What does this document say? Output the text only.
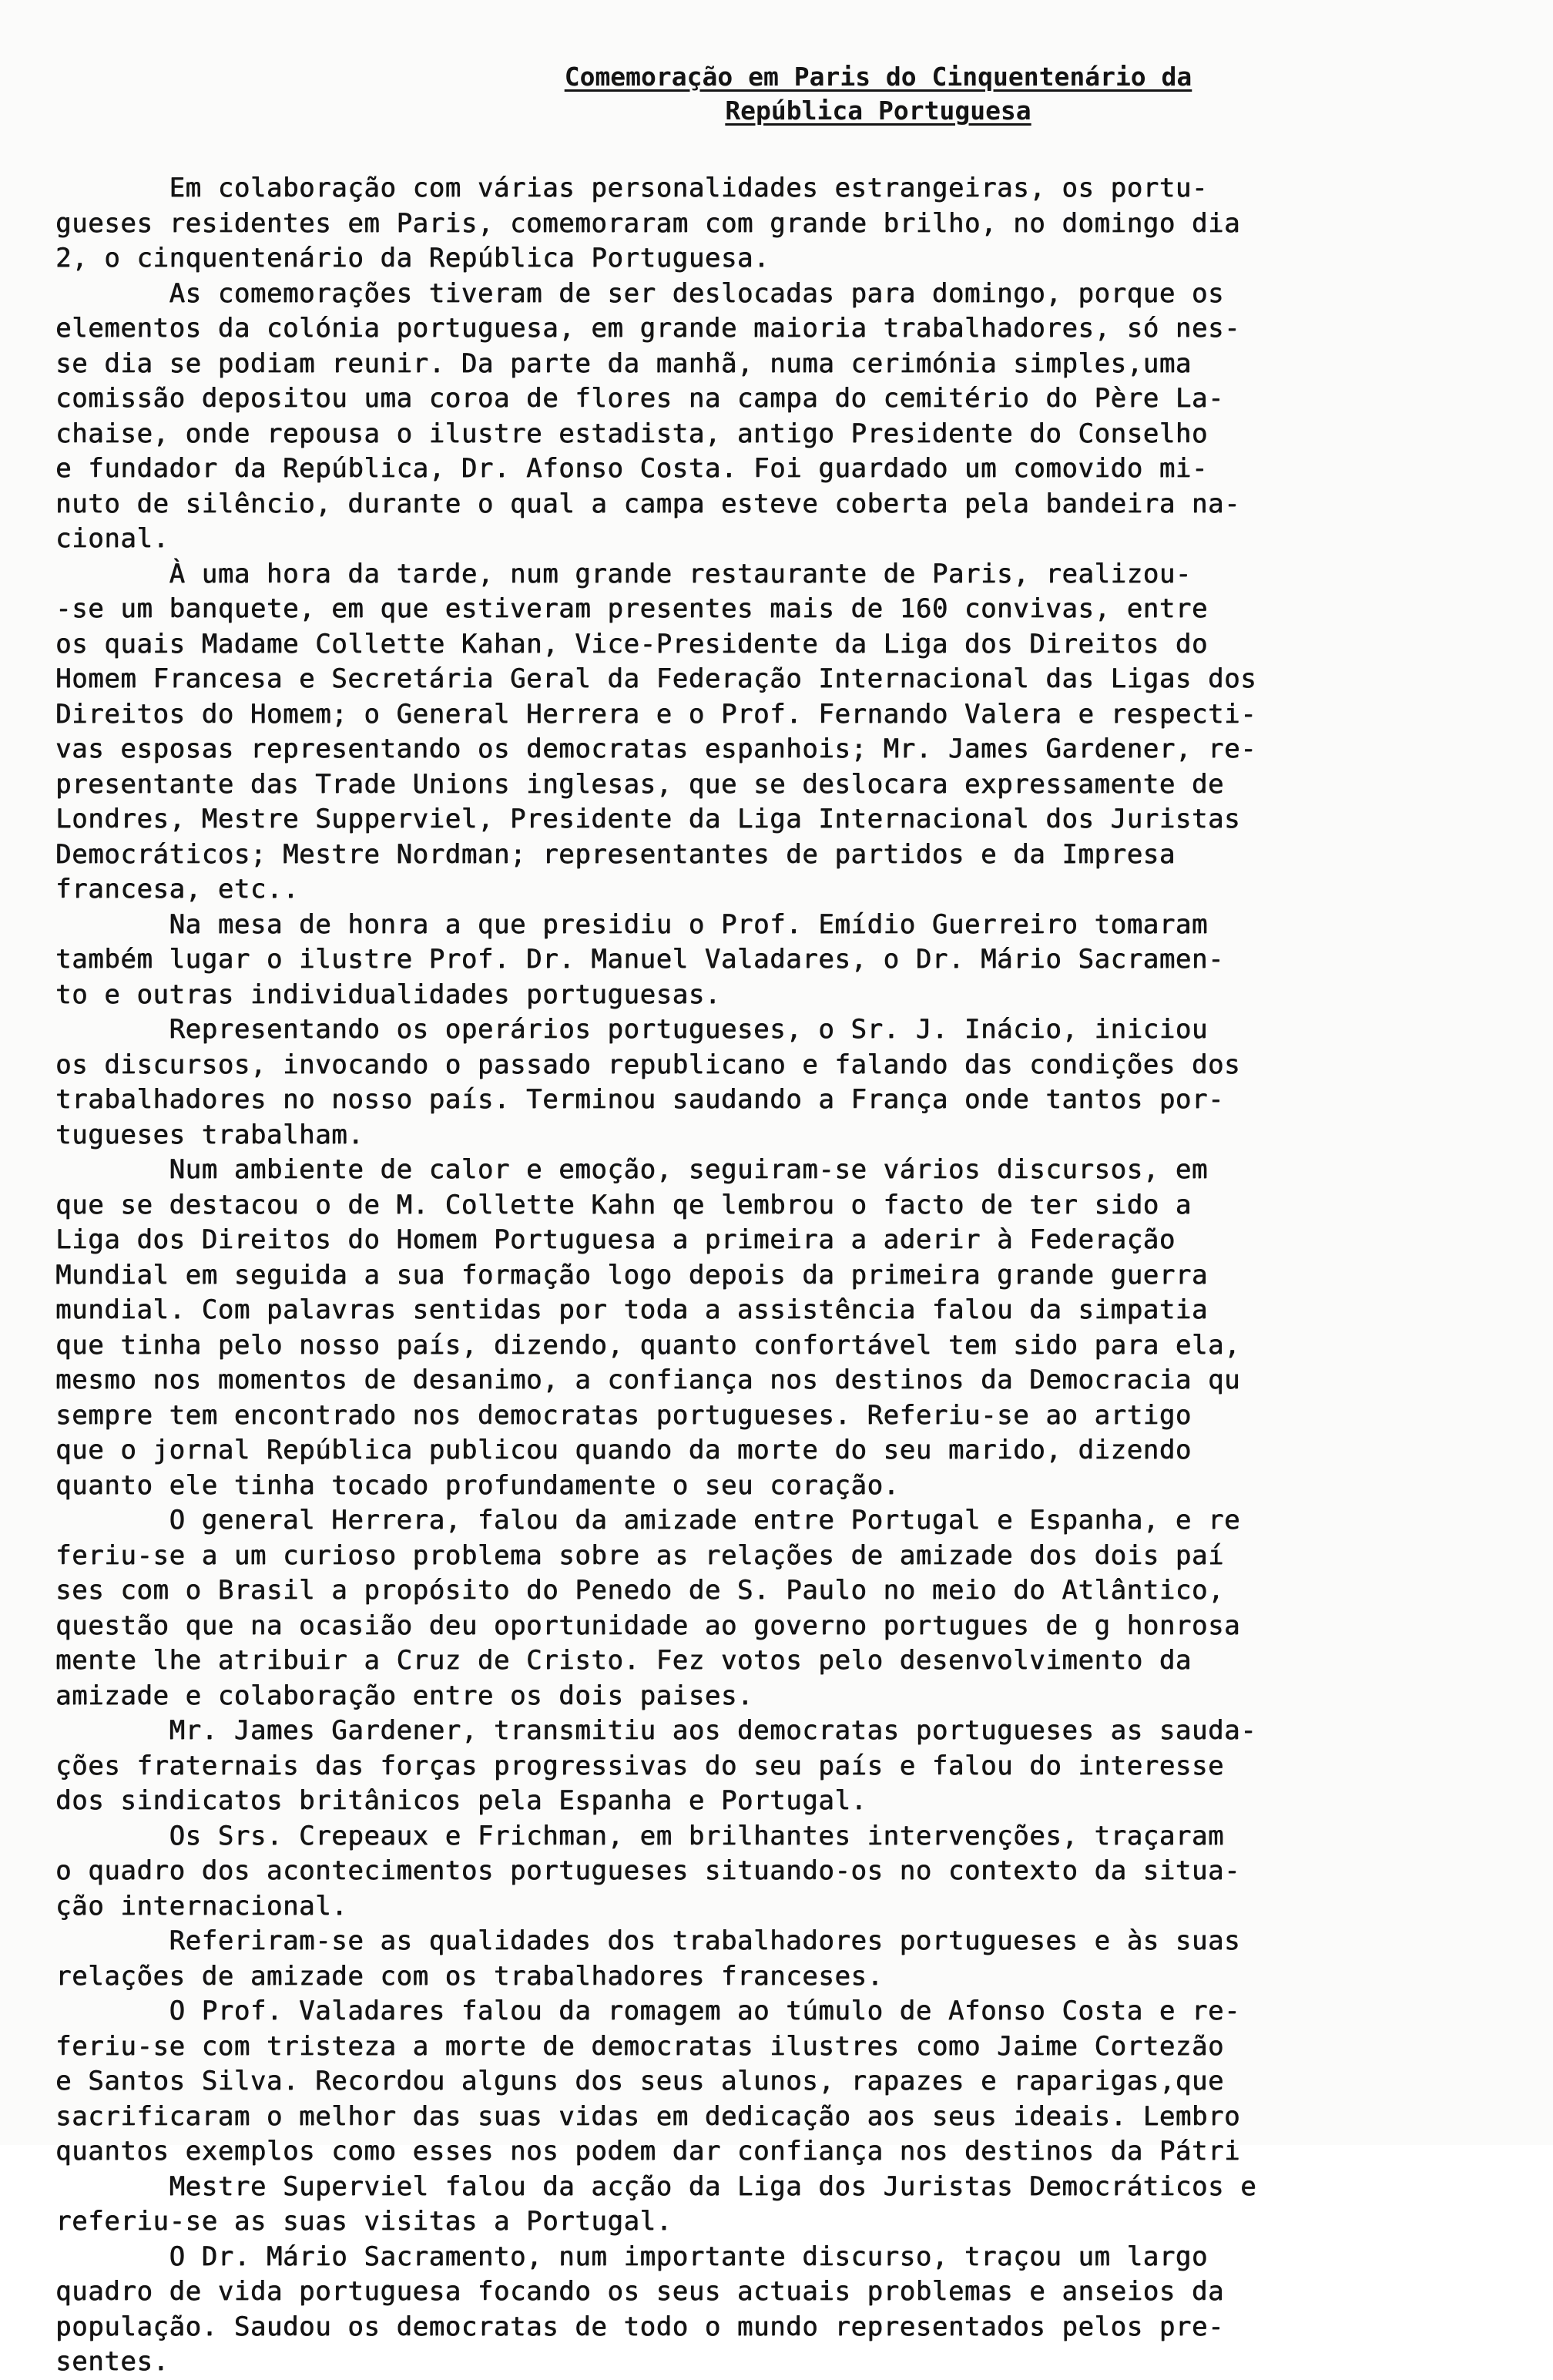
Comemoração em Paris do Cinquentenário da
República Portuguesa
Em colaboração com várias personalidades estrangeiras, os portu-
gueses residentes em Paris, comemoraram com grande brilho, no domingo dia
2, o cinquentenário da República Portuguesa.
As comemorações tiveram de ser deslocadas para domingo, porque os
elementos da colónia portuguesa, em grande maioria trabalhadores, só nes-
se dia se podiam reunir. Da parte da manhã, numa cerimónia simples,uma
comissão depositou uma coroa de flores na campa do cemitério do Père La-
chaise, onde repousa o ilustre estadista, antigo Presidente do Conselho
e fundador da República, Dr. Afonso Costa. Foi guardado um comovido mi-
nuto de silêncio, durante o qual a campa esteve coberta pela bandeira na-
cional.
À uma hora da tarde, num grande restaurante de Paris, realizou-
-se um banquete, em que estiveram presentes mais de 160 convivas, entre
os quais Madame Collette Kahan, Vice-Presidente da Liga dos Direitos do
Homem Francesa e Secretária Geral da Federação Internacional das Ligas dos
Direitos do Homem; o General Herrera e o Prof. Fernando Valera e respecti-
vas esposas representando os democratas espanhois; Mr. James Gardener, re-
presentante das Trade Unions inglesas, que se deslocara expressamente de
Londres, Mestre Supperviel, Presidente da Liga Internacional dos Juristas
Democráticos; Mestre Nordman; representantes de partidos e da Impresa
francesa, etc..
Na mesa de honra a que presidiu o Prof. Emídio Guerreiro tomaram
também lugar o ilustre Prof. Dr. Manuel Valadares, o Dr. Mário Sacramen-
to e outras individualidades portuguesas.
Representando os operários portugueses, o Sr. J. Inácio, iniciou
os discursos, invocando o passado republicano e falando das condições dos
trabalhadores no nosso país. Terminou saudando a França onde tantos por-
tugueses trabalham.
Num ambiente de calor e emoção, seguiram-se vários discursos, em
que se destacou o de M. Collette Kahn qe lembrou o facto de ter sido a
Liga dos Direitos do Homem Portuguesa a primeira a aderir à Federação
Mundial em seguida a sua formação logo depois da primeira grande guerra
mundial. Com palavras sentidas por toda a assistência falou da simpatia
que tinha pelo nosso país, dizendo, quanto confortável tem sido para ela,
mesmo nos momentos de desanimo, a confiança nos destinos da Democracia qu
sempre tem encontrado nos democratas portugueses. Referiu-se ao artigo
que o jornal República publicou quando da morte do seu marido, dizendo
quanto ele tinha tocado profundamente o seu coração.
O general Herrera, falou da amizade entre Portugal e Espanha, e re
feriu-se a um curioso problema sobre as relações de amizade dos dois paí
ses com o Brasil a propósito do Penedo de S. Paulo no meio do Atlântico,
questão que na ocasião deu oportunidade ao governo portugues de g honrosa
mente lhe atribuir a Cruz de Cristo. Fez votos pelo desenvolvimento da
amizade e colaboração entre os dois paises.
Mr. James Gardener, transmitiu aos democratas portugueses as sauda-
ções fraternais das forças progressivas do seu país e falou do interesse
dos sindicatos britânicos pela Espanha e Portugal.
Os Srs. Crepeaux e Frichman, em brilhantes intervenções, traçaram
o quadro dos acontecimentos portugueses situando-os no contexto da situa-
ção internacional.
Referiram-se as qualidades dos trabalhadores portugueses e às suas
relações de amizade com os trabalhadores franceses.
O Prof. Valadares falou da romagem ao túmulo de Afonso Costa e re-
feriu-se com tristeza a morte de democratas ilustres como Jaime Cortezão
e Santos Silva. Recordou alguns dos seus alunos, rapazes e raparigas,que
sacrificaram o melhor das suas vidas em dedicação aos seus ideais. Lembro
quantos exemplos como esses nos podem dar confiança nos destinos da Pátri
Mestre Superviel falou da acção da Liga dos Juristas Democráticos e
referiu-se as suas visitas a Portugal.
O Dr. Mário Sacramento, num importante discurso, traçou um largo
quadro de vida portuguesa focando os seus actuais problemas e anseios da
população. Saudou os democratas de todo o mundo representados pelos pre-
sentes.
